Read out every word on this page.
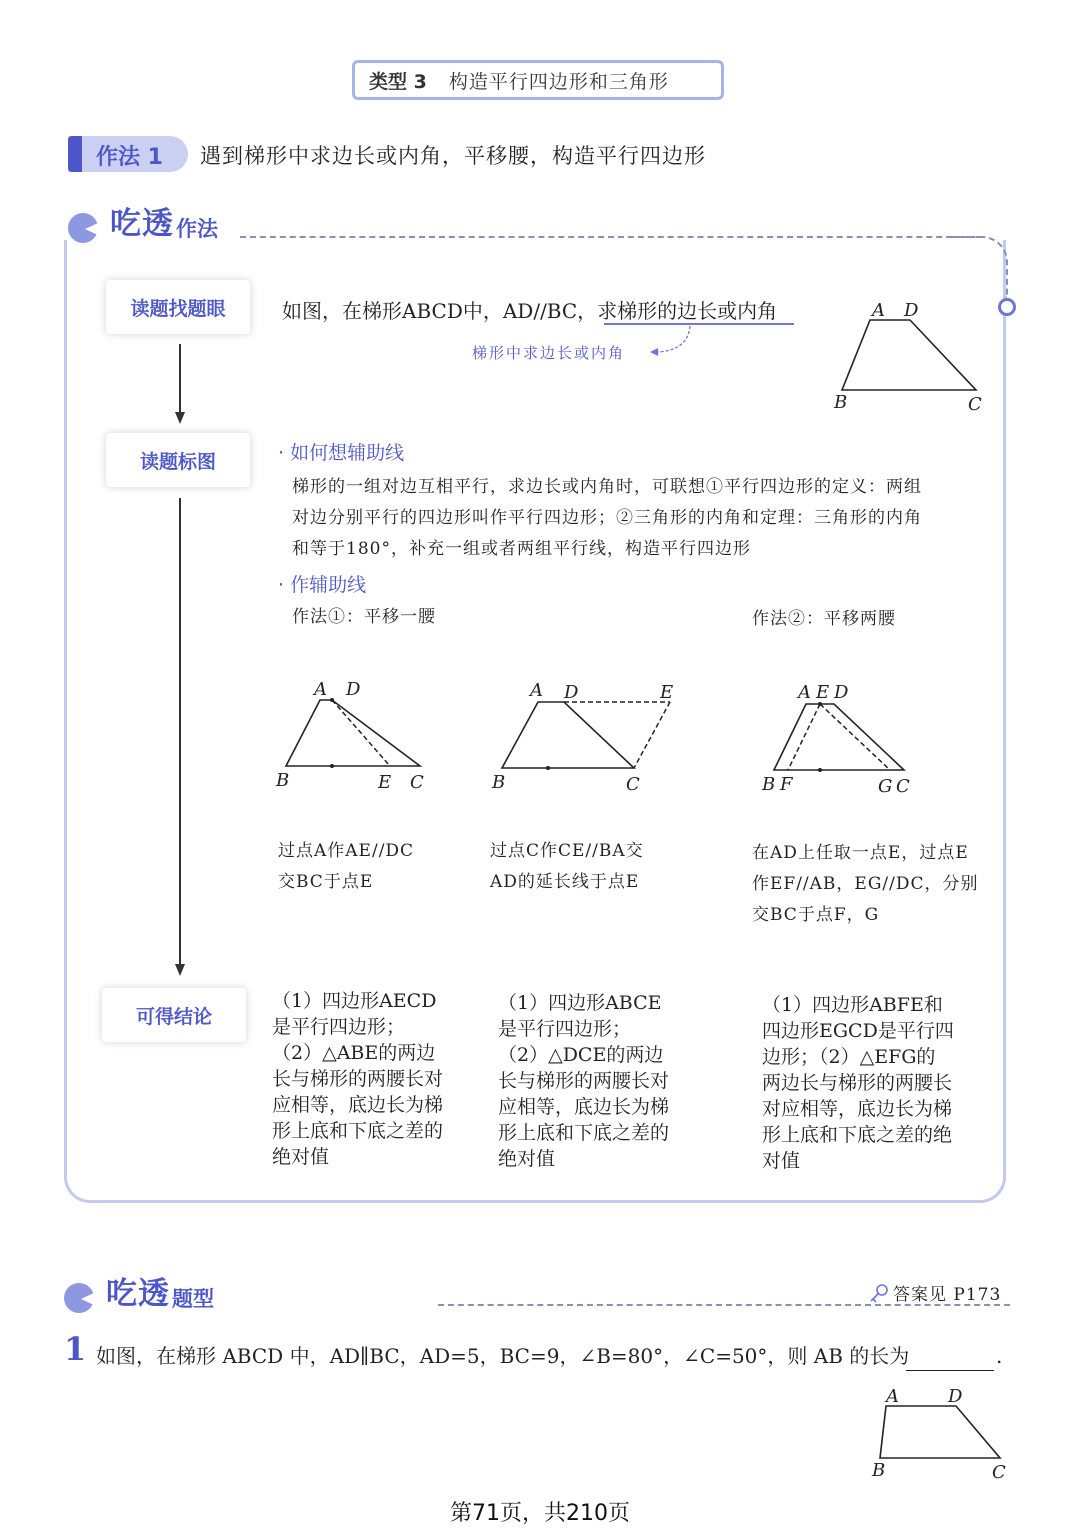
类型 3 构造平行四边形和三角形
作法 1 遇到梯形中求边长或内角，平移腰，构造平行四边形
吃透 作法
读题找题眼
读题标图
可得结论
如图，在梯形ABCD中，AD//BC，求梯形的边长或内角
梯形中求边长或内角
A D
B	C
· 如何想辅助线
梯形的一组对边互相平行，求边长或内角时，可联想①平行四边形的定义：两组
对边分别平行的四边形叫作平行四边形；②三角形的内角和定理：三角形的内角
和等于180°，补充一组或者两组平行线，构造平行四边形
· 作辅助线
作法①：平移一腰	作法②：平移两腰
A D
B	E C
A D	E
B	C
A E D
B F	G C
过点A作AE//DC
交BC于点E
过点C作CE//BA交
AD的延长线于点E
在AD上任取一点E，过点E
作EF//AB，EG//DC，分别
交BC于点F，G
（1）四边形AECD
是平行四边形；
（2）△ABE的两边
长与梯形的两腰长对
应相等，底边长为梯
形上底和下底之差的
绝对值
（1）四边形ABCE
是平行四边形；
（2）△DCE的两边
长与梯形的两腰长对
应相等，底边长为梯
形上底和下底之差的
绝对值
（1）四边形ABFE和
四边形EGCD是平行四
边形；（2）△EFG的
两边长与梯形的两腰长
对应相等，底边长为梯
形上底和下底之差的绝
对值
吃透 题型	答案见 P173
1 如图，在梯形 ABCD 中，AD∥BC，AD=5，BC=9，∠B=80°，∠C=50°，则 AB 的长为	.
A	D
B	C
第71页，共210页
